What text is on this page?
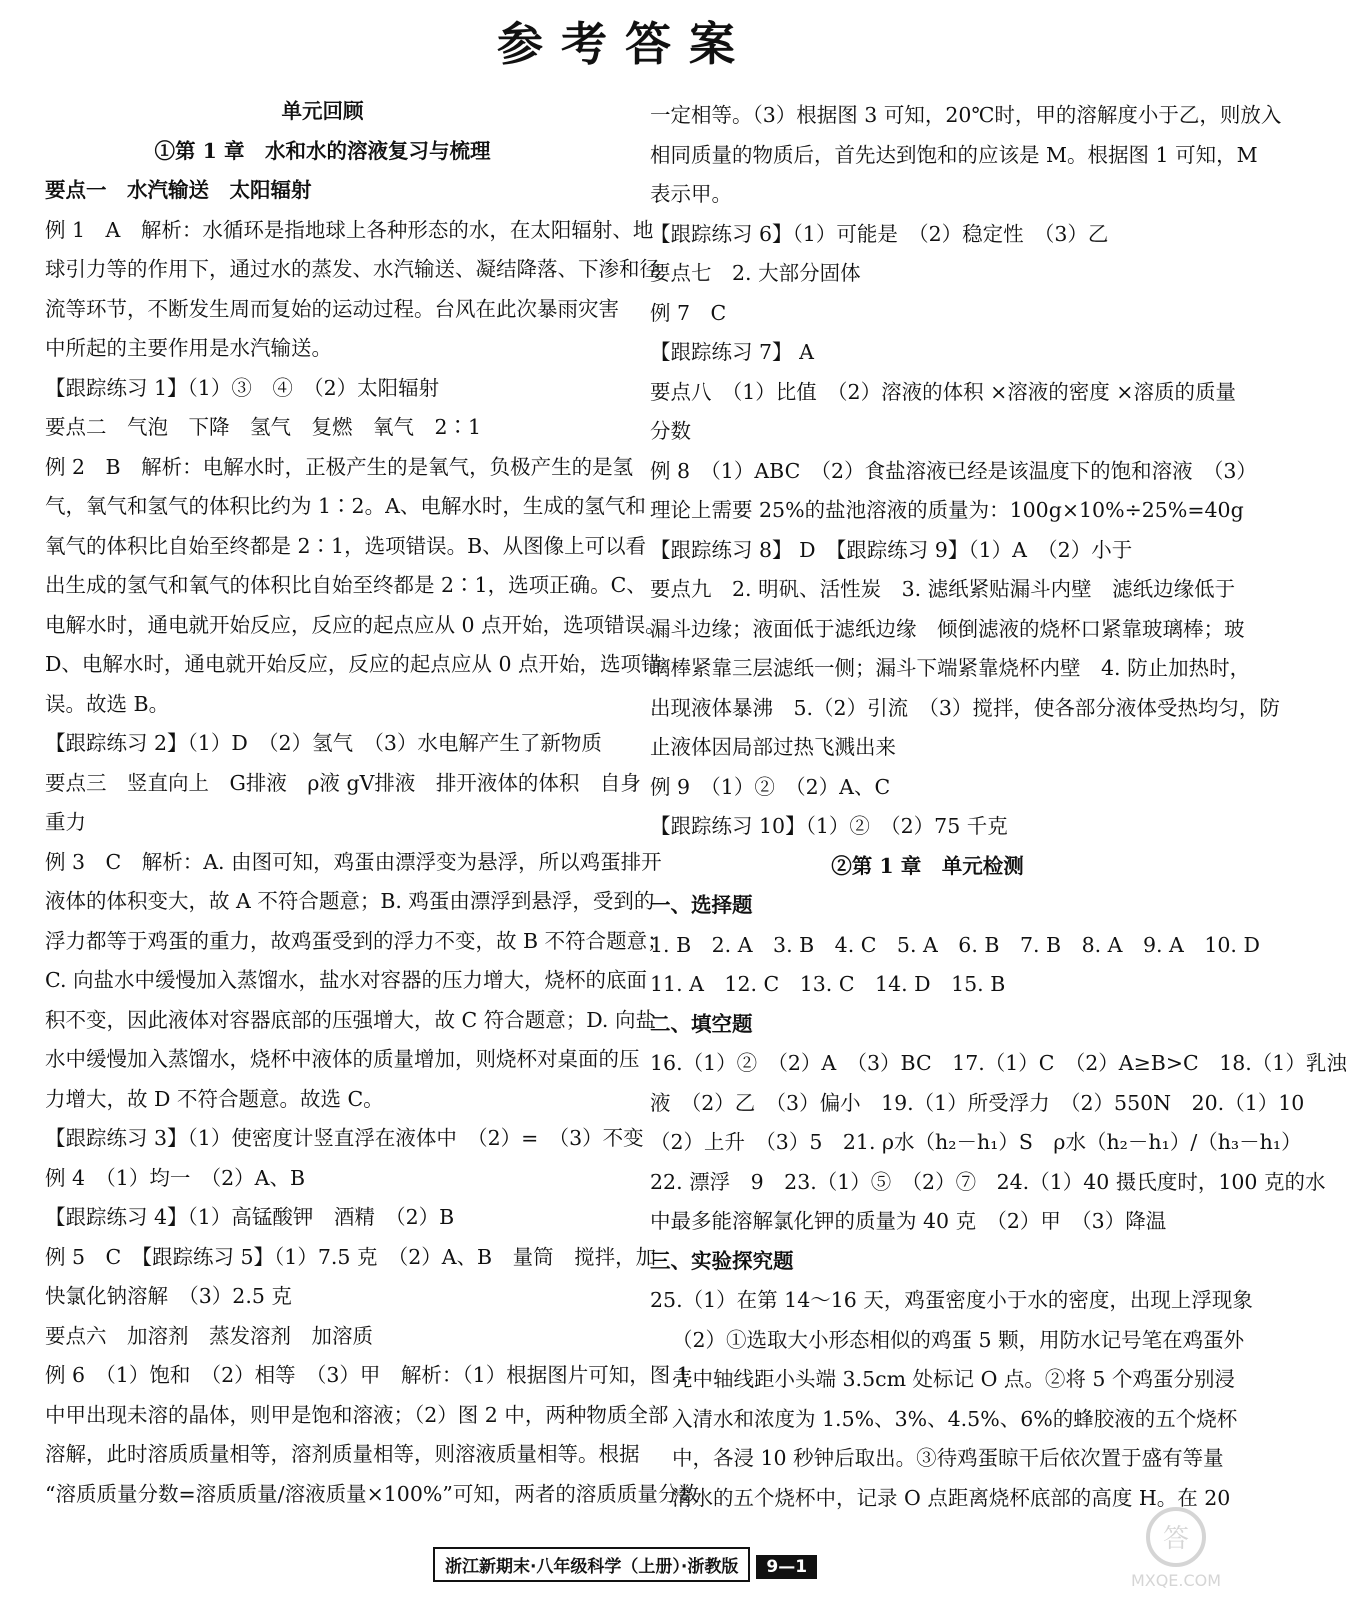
参考答案

单元回顾

①第 1 章　水和水的溶液复习与梳理

要点一　水汽输送　太阳辐射

例 1　A　解析：水循环是指地球上各种形态的水，在太阳辐射、地

球引力等的作用下，通过水的蒸发、水汽输送、凝结降落、下渗和径

流等环节，不断发生周而复始的运动过程。台风在此次暴雨灾害

中所起的主要作用是水汽输送。

【跟踪练习 1】（1）③　④　（2）太阳辐射

要点二　气泡　下降　氢气　复燃　氧气　2∶1

例 2　B　解析：电解水时，正极产生的是氧气，负极产生的是氢

气，氧气和氢气的体积比约为 1∶2。A、电解水时，生成的氢气和

氧气的体积比自始至终都是 2∶1，选项错误。B、从图像上可以看

出生成的氢气和氧气的体积比自始至终都是 2∶1，选项正确。C、

电解水时，通电就开始反应，反应的起点应从 0 点开始，选项错误。

D、电解水时，通电就开始反应，反应的起点应从 0 点开始，选项错

误。故选 B。

【跟踪练习 2】（1）D　（2）氢气　（3）水电解产生了新物质

要点三　竖直向上　G排液　ρ液 gV排液　排开液体的体积　自身

重力

例 3　C　解析：A. 由图可知，鸡蛋由漂浮变为悬浮，所以鸡蛋排开

液体的体积变大，故 A 不符合题意；B. 鸡蛋由漂浮到悬浮，受到的

浮力都等于鸡蛋的重力，故鸡蛋受到的浮力不变，故 B 不符合题意；

C. 向盐水中缓慢加入蒸馏水，盐水对容器的压力增大，烧杯的底面

积不变，因此液体对容器底部的压强增大，故 C 符合题意；D. 向盐

水中缓慢加入蒸馏水，烧杯中液体的质量增加，则烧杯对桌面的压

力增大，故 D 不符合题意。故选 C。

【跟踪练习 3】（1）使密度计竖直浮在液体中　（2）=　（3）不变

例 4　（1）均一　（2）A、B

【跟踪练习 4】（1）高锰酸钾　酒精　（2）B

例 5　C　【跟踪练习 5】（1）7.5 克　（2）A、B　量筒　搅拌，加

快氯化钠溶解　（3）2.5 克

要点六　加溶剂　蒸发溶剂　加溶质

例 6　（1）饱和　（2）相等　（3）甲　解析：（1）根据图片可知，图 1

中甲出现未溶的晶体，则甲是饱和溶液；（2）图 2 中，两种物质全部

溶解，此时溶质质量相等，溶剂质量相等，则溶液质量相等。根据

“溶质质量分数=溶质质量/溶液质量×100%”可知，两者的溶质质量分数

一定相等。（3）根据图 3 可知，20℃时，甲的溶解度小于乙，则放入

相同质量的物质后，首先达到饱和的应该是 M。根据图 1 可知，M

表示甲。

【跟踪练习 6】（1）可能是　（2）稳定性　（3）乙

要点七　2. 大部分固体

例 7　C

【跟踪练习 7】 A

要点八　（1）比值　（2）溶液的体积 ×溶液的密度 ×溶质的质量

分数

例 8　（1）ABC　（2）食盐溶液已经是该温度下的饱和溶液　（3）

理论上需要 25%的盐池溶液的质量为：100g×10%÷25%=40g

【跟踪练习 8】 D　【跟踪练习 9】（1）A　（2）小于

要点九　2. 明矾、活性炭　3. 滤纸紧贴漏斗内壁　滤纸边缘低于

漏斗边缘；液面低于滤纸边缘　倾倒滤液的烧杯口紧靠玻璃棒；玻

璃棒紧靠三层滤纸一侧；漏斗下端紧靠烧杯内壁　4. 防止加热时，

出现液体暴沸　5.（2）引流　（3）搅拌，使各部分液体受热均匀，防

止液体因局部过热飞溅出来

例 9　（1）②　（2）A、C

【跟踪练习 10】（1）②　（2）75 千克

②第 1 章　单元检测

一、选择题

1. B　2. A　3. B　4. C　5. A　6. B　7. B　8. A　9. A　10. D

11. A　12. C　13. C　14. D　15. B

二、填空题

16.（1）②　（2）A　（3）BC　17.（1）C　（2）A≥B>C　18.（1）乳浊

液　（2）乙　（3）偏小　19.（1）所受浮力　（2）550N　20.（1）10

（2）上升　（3）5　21. ρ水（h₂－h₁）S　ρ水（h₂－h₁）/（h₃－h₁）

22. 漂浮　9　23.（1）⑤　（2）⑦　24.（1）40 摄氏度时，100 克的水

中最多能溶解氯化钾的质量为 40 克　（2）甲　（3）降温

三、实验探究题

25.（1）在第 14～16 天，鸡蛋密度小于水的密度，出现上浮现象

（2）①选取大小形态相似的鸡蛋 5 颗，用防水记号笔在鸡蛋外

壳中轴线距小头端 3.5cm 处标记 O 点。②将 5 个鸡蛋分别浸

入清水和浓度为 1.5%、3%、4.5%、6%的蜂胶液的五个烧杯

中，各浸 10 秒钟后取出。③待鸡蛋晾干后依次置于盛有等量

清水的五个烧杯中，记录 O 点距离烧杯底部的高度 H。在 20

浙江新期末·八年级科学（上册）·浙教版 9—1
答
MXQE.COM
